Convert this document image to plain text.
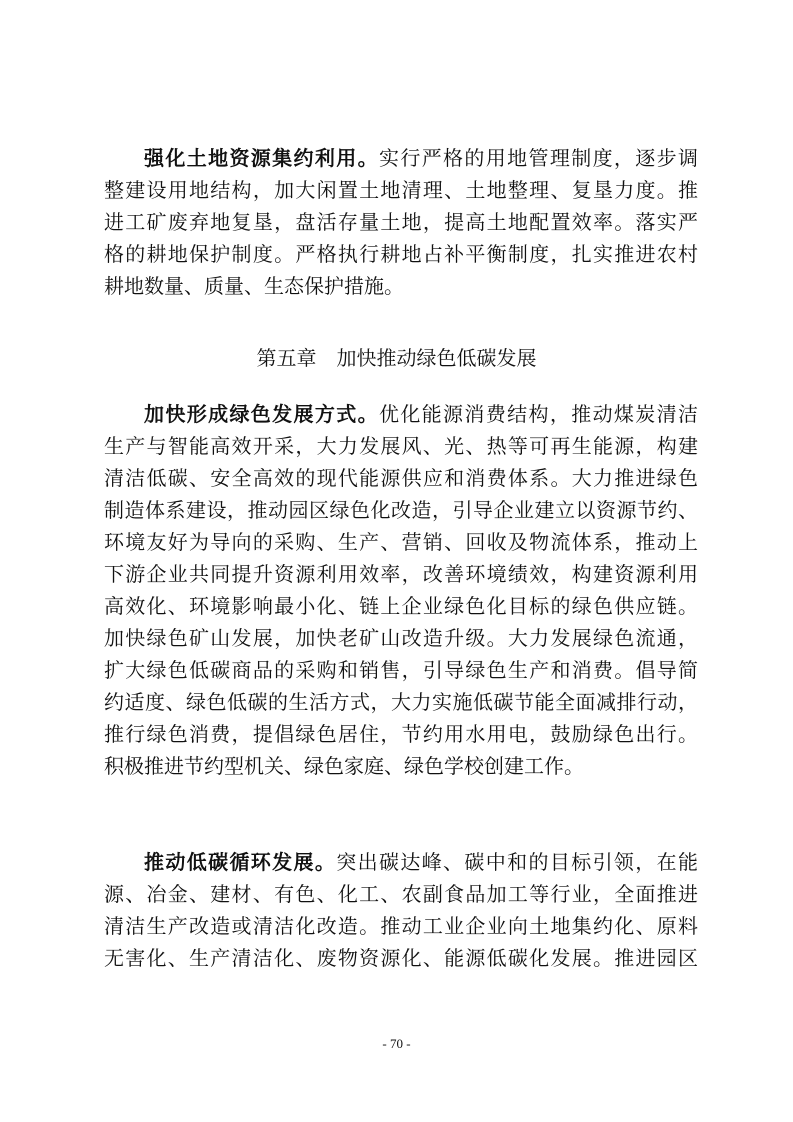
强化土地资源集约利用。实行严格的用地管理制度，逐步调
整建设用地结构，加大闲置土地清理、土地整理、复垦力度。推
进工矿废弃地复垦，盘活存量土地，提高土地配置效率。落实严
格的耕地保护制度。严格执行耕地占补平衡制度，扎实推进农村
耕地数量、质量、生态保护措施。
第五章　加快推动绿色低碳发展
加快形成绿色发展方式。优化能源消费结构，推动煤炭清洁
生产与智能高效开采，大力发展风、光、热等可再生能源，构建
清洁低碳、安全高效的现代能源供应和消费体系。大力推进绿色
制造体系建设，推动园区绿色化改造，引导企业建立以资源节约、
环境友好为导向的采购、生产、营销、回收及物流体系，推动上
下游企业共同提升资源利用效率，改善环境绩效，构建资源利用
高效化、环境影响最小化、链上企业绿色化目标的绿色供应链。
加快绿色矿山发展，加快老矿山改造升级。大力发展绿色流通，
扩大绿色低碳商品的采购和销售，引导绿色生产和消费。倡导简
约适度、绿色低碳的生活方式，大力实施低碳节能全面减排行动，
推行绿色消费，提倡绿色居住，节约用水用电，鼓励绿色出行。
积极推进节约型机关、绿色家庭、绿色学校创建工作。
推动低碳循环发展。突出碳达峰、碳中和的目标引领，在能
源、冶金、建材、有色、化工、农副食品加工等行业，全面推进
清洁生产改造或清洁化改造。推动工业企业向土地集约化、原料
无害化、生产清洁化、废物资源化、能源低碳化发展。推进园区
- 70 -
